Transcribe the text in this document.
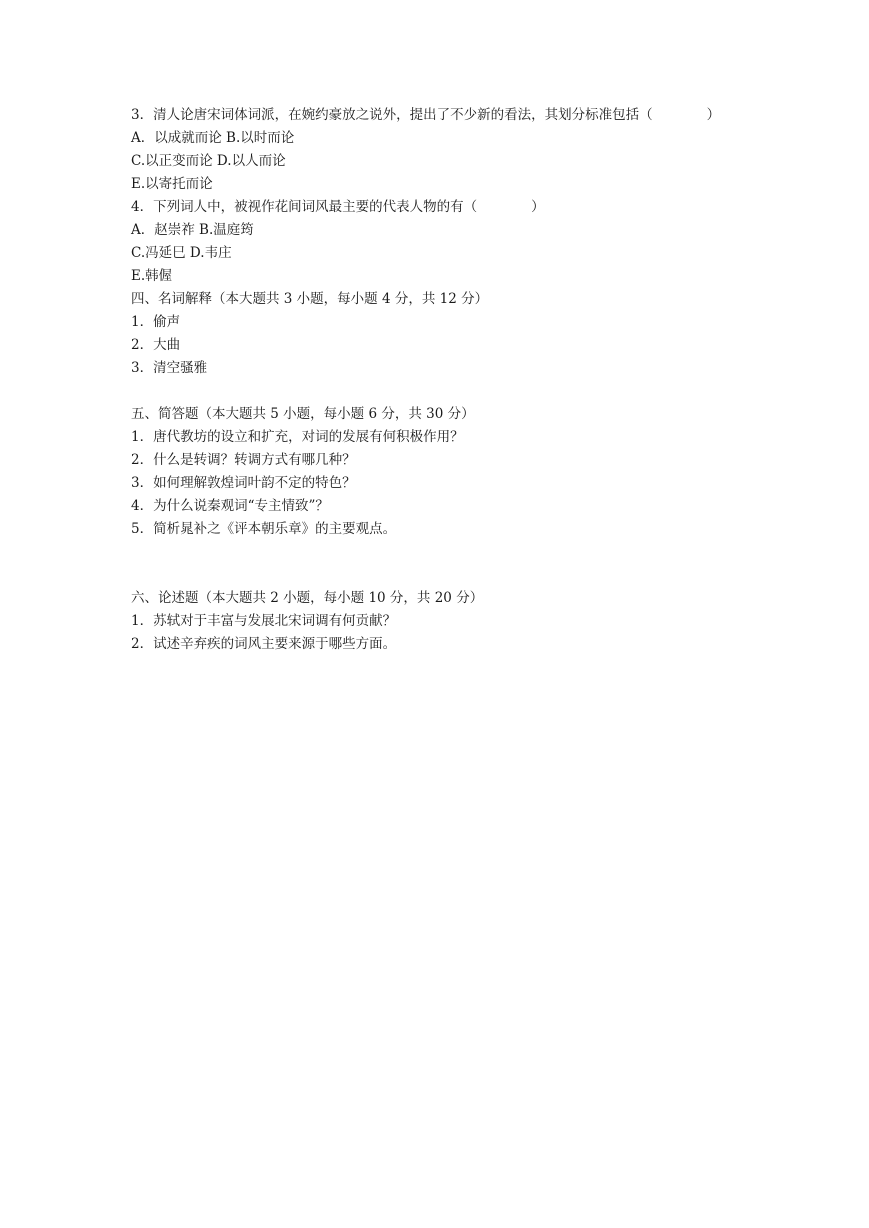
3．清人论唐宋词体词派，在婉约豪放之说外，提出了不少新的看法，其划分标准包括（　　　　）
A．以成就而论 B.以时而论
C.以正变而论 D.以人而论
E.以寄托而论
4．下列词人中，被视作花间词风最主要的代表人物的有（　　　　）
A．赵崇祚 B.温庭筠
C.冯延巳 D.韦庄
E.韩偓
四、名词解释（本大题共 3 小题，每小题 4 分，共 12 分）
1．偷声
2．大曲
3．清空骚雅
五、简答题（本大题共 5 小题，每小题 6 分，共 30 分）
1．唐代教坊的设立和扩充，对词的发展有何积极作用？
2．什么是转调？转调方式有哪几种？
3．如何理解敦煌词叶韵不定的特色？
4．为什么说秦观词“专主情致”？
5．简析晁补之《评本朝乐章》的主要观点。
六、论述题（本大题共 2 小题，每小题 10 分，共 20 分）
1．苏轼对于丰富与发展北宋词调有何贡献？
2．试述辛弃疾的词风主要来源于哪些方面。
